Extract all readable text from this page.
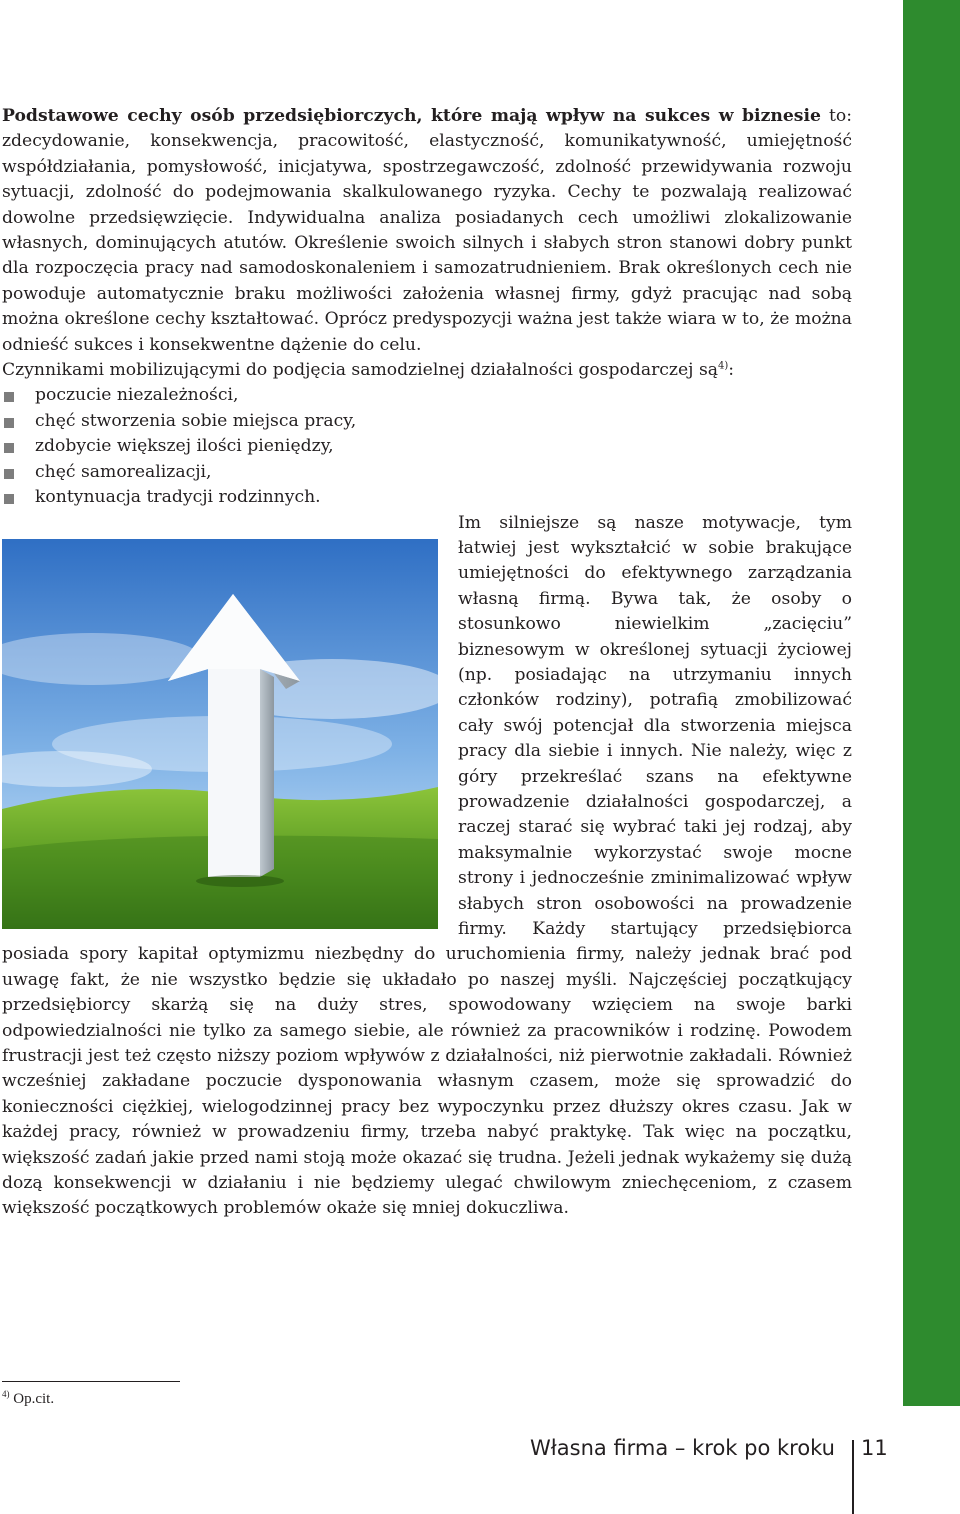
Podstawowe cechy osób przedsiębiorczych, które mają wpływ na sukces w biznesie to: zdecydowanie, konsekwencja, pracowitość, elastyczność, komunikatywność, umiejętność współdziałania, pomysłowość, inicjatywa, spostrzegawczość, zdolność przewidywania rozwoju sytuacji, zdolność do podejmowania skalkulowanego ryzyka. Cechy te pozwalają realizować dowolne przedsięwzięcie. Indywidualna analiza posiadanych cech umożliwi zlokalizowanie własnych, dominujących atutów. Określenie swoich silnych i słabych stron stanowi dobry punkt dla rozpoczęcia pracy nad samodoskonaleniem i samozatrudnieniem. Brak określonych cech nie powoduje automatycznie braku możliwości założenia własnej firmy, gdyż pracując nad sobą można określone cechy kształtować. Oprócz predyspozycji ważna jest także wiara w to, że można odnieść sukces i konsekwentne dążenie do celu.

Czynnikami mobilizującymi do podjęcia samodzielnej działalności gospodarczej $są^{4)}$:

poczucie niezależności,
chęć stworzenia sobie miejsca pracy,
zdobycie większej ilości pieniędzy,
chęć samorealizacji,
kontynuacja tradycji rodzinnych.

Im silniejsze są nasze motywacje, tym łatwiej jest wykształcić w sobie brakujące umiejętności do efektywnego zarządzania własną firmą. Bywa tak, że osoby o stosunkowo niewielkim „zacięciu” biznesowym w określonej sytuacji życiowej (np. posiadając na utrzymaniu innych członków rodziny), potrafią zmobilizować cały swój potencjał dla stworzenia miejsca pracy dla siebie i innych. Nie należy, więc z góry przekreślać szans na efektywne prowadzenie działalności gospodarczej, a raczej starać się wybrać taki jej rodzaj, aby maksymalnie wykorzystać swoje mocne strony i jednocześnie zminimalizować wpływ słabych stron osobowości na prowadzenie firmy. Każdy startujący przedsiębiorca posiada spory kapitał optymizmu niezbędny do uruchomienia firmy, należy jednak brać pod uwagę fakt, że nie wszystko będzie się układało po naszej myśli. Najczęściej początkujący przedsiębiorcy skarżą się na duży stres, spowodowany wzięciem na swoje barki odpowiedzialności nie tylko za samego siebie, ale również za pracowników i rodzinę. Powodem frustracji jest też często niższy poziom wpływów z działalności, niż pierwotnie zakładali. Również wcześniej zakładane poczucie dysponowania własnym czasem, może się sprowadzić do konieczności ciężkiej, wielogodzinnej pracy bez wypoczynku przez dłuższy okres czasu. Jak w każdej pracy, również w prowadzeniu firmy, trzeba nabyć praktykę. Tak więc na początku, większość zadań jakie przed nami stoją może okazać się trudna. Jeżeli jednak wykażemy się dużą dozą konsekwencji w działaniu i nie będziemy ulegać chwilowym zniechęceniom, z czasem większość początkowych problemów okaże się mniej dokuczliwa.

$^{4)}$ Op.cit.
Własna firma – krok po kroku 11
